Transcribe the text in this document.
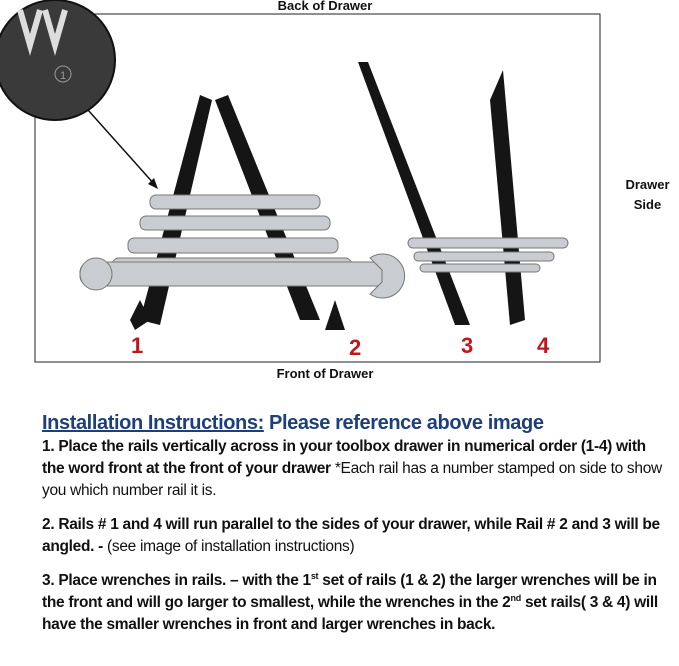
1
Back of Drawer
Drawer Side
Front of Drawer
1	2	3	4
Installation Instructions: Please reference above image
1. Place the rails vertically across in your toolbox drawer in numerical order (1-4) with the word front at the front of your drawer *Each rail has a number stamped on side to show you which number rail it is.
2. Rails # 1 and 4 will run parallel to the sides of your drawer, while Rail # 2 and 3 will be angled. - (see image of installation instructions)
3. Place wrenches in rails. – with the 1st set of rails (1 & 2) the larger wrenches will be in the front and will go larger to smallest, while the wrenches in the 2nd set rails( 3 & 4) will have the smaller wrenches in front and larger wrenches in back.
